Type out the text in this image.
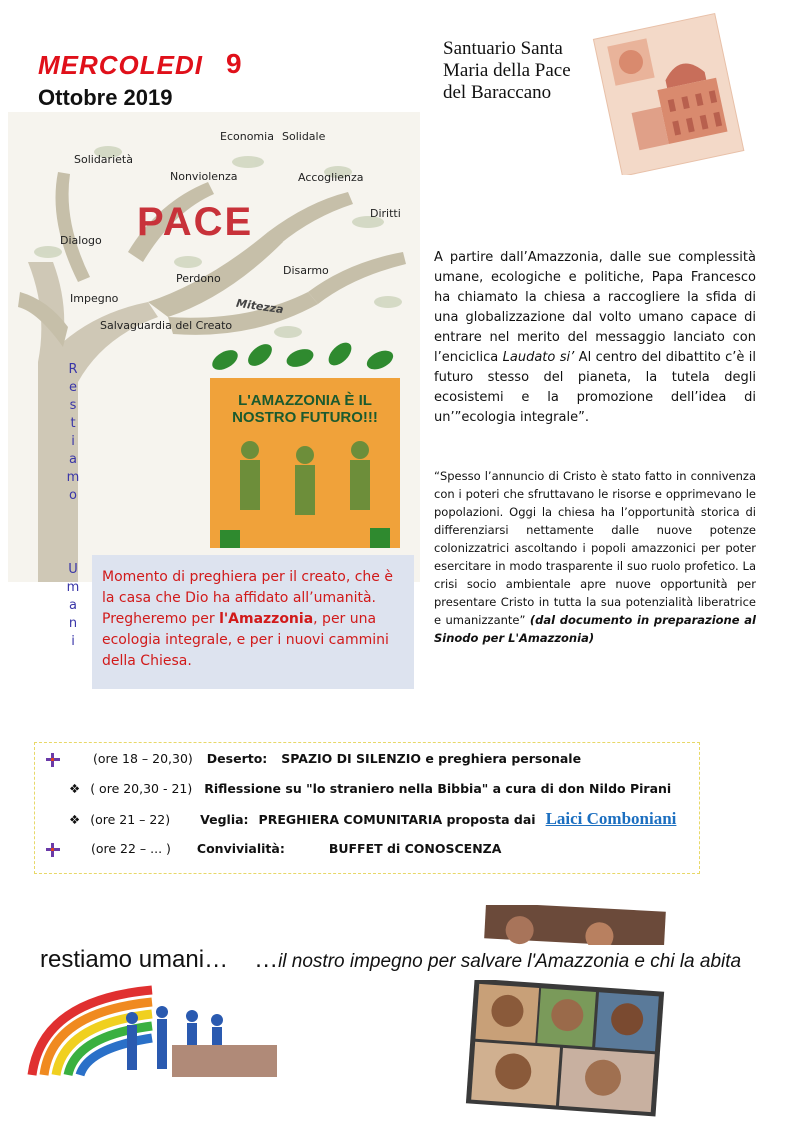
MERCOLEDI 9
Ottobre 2019
Santuario Santa
Maria della Pace
del Baraccano
Economia Solidale
Solidarietà
Nonviolenza	Accoglienza
Diritti
Dialogo
Perdono
Disarmo
Impegno	Mitezza
Salvaguardia del Creato
PACE
R
e
s
t
i
a
m
o
U
m
a
n
i
L'AMAZZONIA È IL NOSTRO FUTURO!!!
Momento di preghiera per il creato, che è la casa che Dio ha affidato all’umanità. Pregheremo per l'Amazzonia, per una ecologia integrale, e per i nuovi cammini della Chiesa.
A partire dall’Amazzonia, dalle sue complessità umane, ecologiche e politiche, Papa Francesco ha chiamato la chiesa a raccogliere la sfida di una globalizzazione dal volto umano capace di entrare nel merito del messaggio lanciato con l’enciclica Laudato si’ Al centro del dibattito c’è il futuro stesso del pianeta, la tutela degli ecosistemi e la promozione dell’idea di un’”ecologia integrale”.
“Spesso l’annuncio di Cristo è stato fatto in connivenza con i poteri che sfruttavano le risorse e opprimevano le popolazioni. Oggi la chiesa ha l’opportunità storica di differenziarsi nettamente dalle nuove potenze colonizzatrici ascoltando i popoli amazzonici per poter esercitare in modo trasparente il suo ruolo profetico. La crisi socio ambientale apre nuove opportunità per presentare Cristo in tutta la sua potenzialità liberatrice e umanizzante” (dal documento in preparazione al Sinodo per L'Amazzonia)
(ore 18 – 20,30) Deserto: SPAZIO DI SILENZIO e preghiera personale
❖ ( ore 20,30 - 21) Riflessione su "lo straniero nella Bibbia" a cura di don Nildo Pirani
❖ (ore 21 – 22) Veglia: PREGHIERA COMUNITARIA proposta dai Laici Comboniani
(ore 22 – ... ) Convivialità:	BUFFET di CONOSCENZA
restiamo umani… …il nostro impegno per salvare l'Amazzonia e chi la abita
